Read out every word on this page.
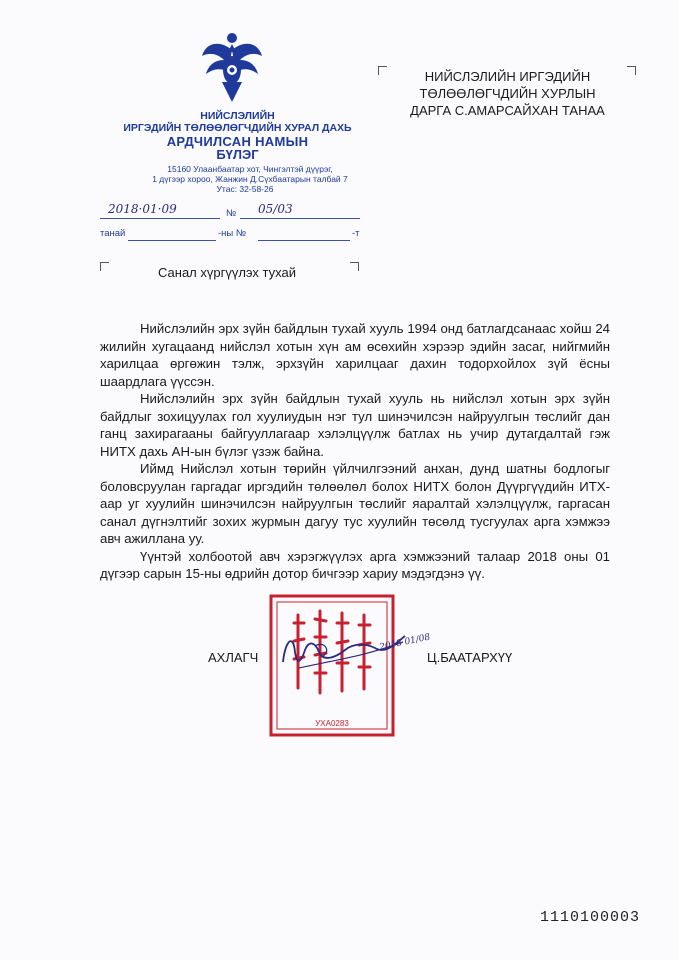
НИЙСЛЭЛИЙН
ИРГЭДИЙН ТӨЛӨӨЛӨГЧДИЙН ХУРАЛ ДАХЬ
АРДЧИЛСАН НАМЫН
БҮЛЭГ
15160 Улаанбаатар хот, Чингэлтэй дүүрэг,
1 дүгээр хороо, Жанжин Д.Сүхбаатарын талбай 7
Утас: 32-58-26
2018·01·09	№ 05/03
танай	-ны №	-т
НИЙСЛЭЛИЙН ИРГЭДИЙН
ТӨЛӨӨЛӨГЧДИЙН ХУРЛЫН
ДАРГА С.АМАРСАЙХАН ТАНАА
Санал хүргүүлэх тухай

Нийслэлийн эрх зүйн байдлын тухай хууль 1994 онд батлагдсанаас хойш 24 жилийн хугацаанд нийслэл хотын хүн ам өсөхийн хэрээр эдийн засаг, нийгмийн харилцаа өргөжин тэлж, эрхзүйн харилцааг дахин тодорхойлох зүй ёсны шаардлага үүссэн.

Нийслэлийн эрх зүйн байдлын тухай хууль нь нийслэл хотын эрх зүйн байдлыг зохицуулах гол хуулиудын нэг тул шинэчилсэн найруулгын төслийг дан ганц захирагааны байгууллагаар хэлэлцүүлж батлах нь учир дутагдалтай гэж НИТХ дахь АН-ын бүлэг үзэж байна.

Иймд Нийслэл хотын төрийн үйлчилгээний анхан, дунд шатны бодлогыг боловсруулан гаргадаг иргэдийн төлөөлөл болох НИТХ болон Дүүргүүдийн ИТХ-аар уг хуулийн шинэчилсэн найруулгын төслийг яаралтай хэлэлцүүлж, гаргасан санал дүгнэлтийг зохих журмын дагуу тус хуулийн төсөлд тусгуулах арга хэмжээ авч ажиллана уу.

Үүнтэй холбоотой авч хэрэгжүүлэх арга хэмжээний талаар 2018 оны 01 дүгээр сарын 15-ны өдрийн дотор бичгээр хариу мэдэгдэнэ үү.

УХА0283
2018 01/08
АХЛАГЧ	Ц.БААТАРХҮҮ
1110100003
